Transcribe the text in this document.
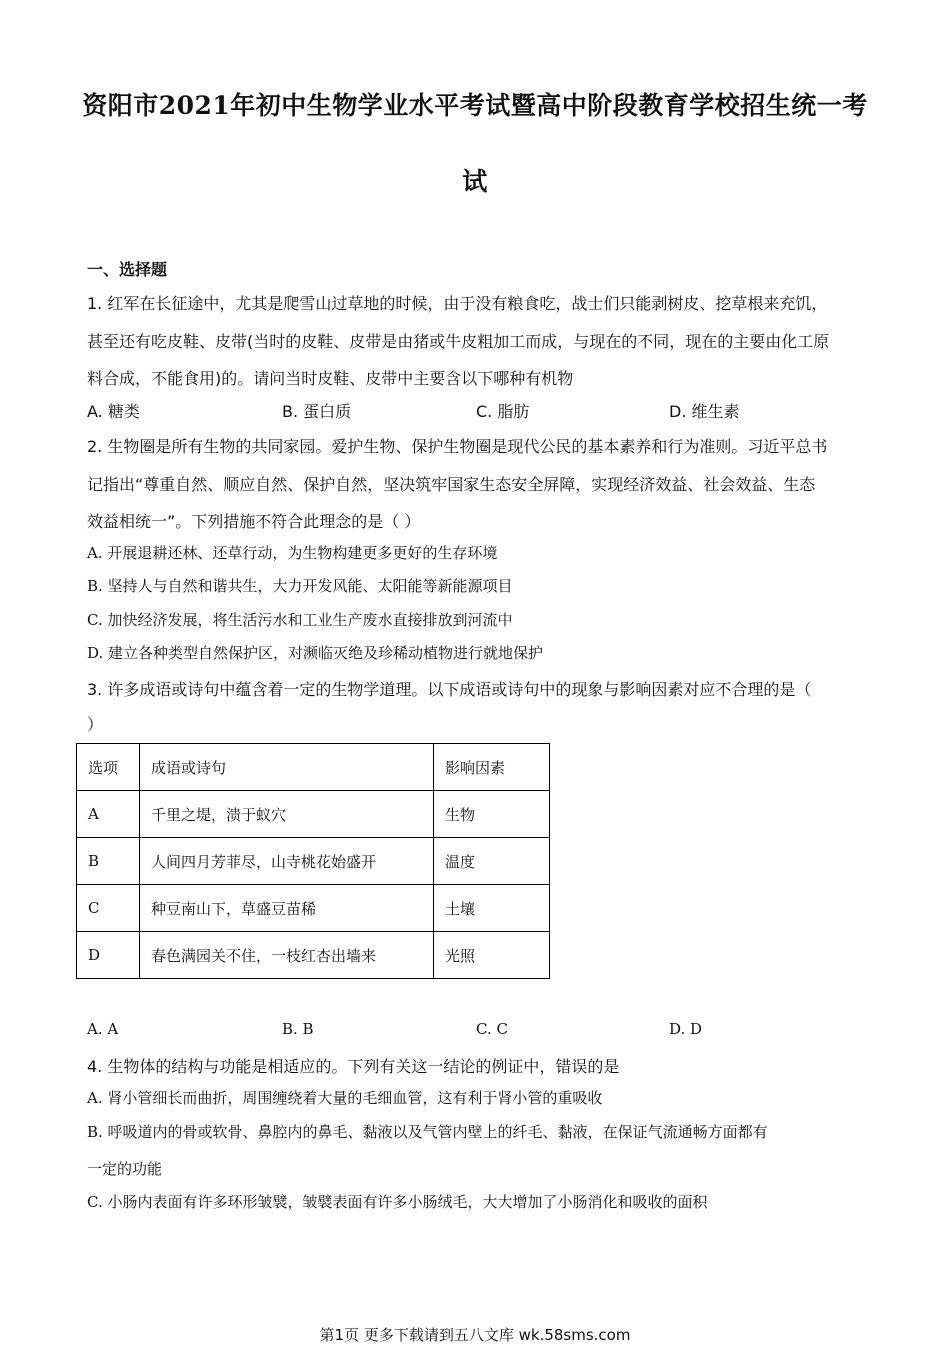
资阳市2021年初中生物学业水平考试暨高中阶段教育学校招生统一考
试
一、选择题
1. 红军在长征途中，尤其是爬雪山过草地的时候，由于没有粮食吃，战士们只能剥树皮、挖草根来充饥，
甚至还有吃皮鞋、皮带(当时的皮鞋、皮带是由猪或牛皮粗加工而成，与现在的不同，现在的主要由化工原
料合成，不能食用)的。请问当时皮鞋、皮带中主要含以下哪种有机物
A. 糖类	B. 蛋白质	C. 脂肪	D. 维生素
2. 生物圈是所有生物的共同家园。爱护生物、保护生物圈是现代公民的基本素养和行为准则。习近平总书
记指出“尊重自然、顺应自然、保护自然，坚决筑牢国家生态安全屏障，实现经济效益、社会效益、生态
效益相统一”。下列措施不符合此理念的是（ ）
A. 开展退耕还林、还草行动，为生物构建更多更好的生存环境
B. 坚持人与自然和谐共生，大力开发风能、太阳能等新能源项目
C. 加快经济发展，将生活污水和工业生产废水直接排放到河流中
D. 建立各种类型自然保护区，对濒临灭绝及珍稀动植物进行就地保护
3. 许多成语或诗句中蕴含着一定的生物学道理。以下成语或诗句中的现象与影响因素对应不合理的是（
）
选项	成语或诗句	影响因素
A	千里之堤，溃于蚁穴	生物
B	人间四月芳菲尽，山寺桃花始盛开	温度
C	种豆南山下，草盛豆苗稀	土壤
D	春色满园关不住，一枝红杏出墙来	光照
A. A	B. B	C. C	D. D
4. 生物体的结构与功能是相适应的。下列有关这一结论的例证中，错误的是
A. 肾小管细长而曲折，周围缠绕着大量的毛细血管，这有利于肾小管的重吸收
B. 呼吸道内的骨或软骨、鼻腔内的鼻毛、黏液以及气管内壁上的纤毛、黏液，在保证气流通畅方面都有
一定的功能
C. 小肠内表面有许多环形皱襞，皱襞表面有许多小肠绒毛，大大增加了小肠消化和吸收的面积
第1页 更多下载请到五八文库 wk.58sms.com
